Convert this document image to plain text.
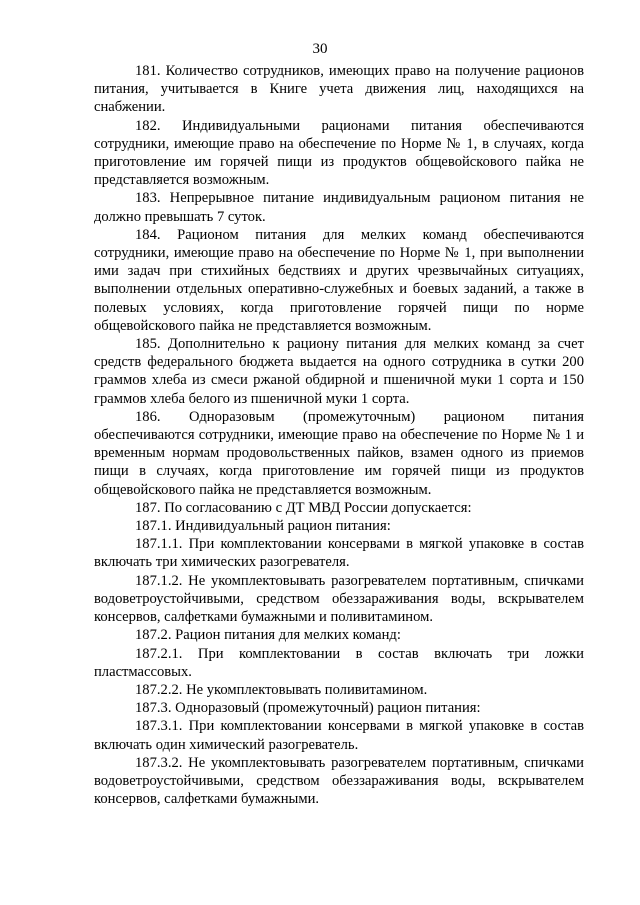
30

181. Количество сотрудников, имеющих право на получение рационов питания, учитывается в Книге учета движения лиц, находящихся на снабжении.

182. Индивидуальными рационами питания обеспечиваются сотрудники, имеющие право на обеспечение по Норме № 1, в случаях, когда приготовление им горячей пищи из продуктов общевойскового пайка не представляется возможным.

183. Непрерывное питание индивидуальным рационом питания не должно превышать 7 суток.

184. Рационом питания для мелких команд обеспечиваются сотрудники, имеющие право на обеспечение по Норме № 1, при выполнении ими задач при стихийных бедствиях и других чрезвычайных ситуациях, выполнении отдельных оперативно-служебных и боевых заданий, а также в полевых условиях, когда приготовление горячей пищи по норме общевойскового пайка не представляется возможным.

185. Дополнительно к рациону питания для мелких команд за счет средств федерального бюджета выдается на одного сотрудника в сутки 200 граммов хлеба из смеси ржаной обдирной и пшеничной муки 1 сорта и 150 граммов хлеба белого из пшеничной муки 1 сорта.

186. Одноразовым (промежуточным) рационом питания обеспечиваются сотрудники, имеющие право на обеспечение по Норме № 1 и временным нормам продовольственных пайков, взамен одного из приемов пищи в случаях, когда приготовление им горячей пищи из продуктов общевойскового пайка не представляется возможным.

187. По согласованию с ДТ МВД России допускается:

187.1. Индивидуальный рацион питания:

187.1.1. При комплектовании консервами в мягкой упаковке в состав включать три химических разогревателя.

187.1.2. Не укомплектовывать разогревателем портативным, спичками водоветроустойчивыми, средством обеззараживания воды, вскрывателем консервов, салфетками бумажными и поливитамином.

187.2. Рацион питания для мелких команд:

187.2.1. При комплектовании в состав включать три ложки пластмассовых.

187.2.2. Не укомплектовывать поливитамином.

187.3. Одноразовый (промежуточный) рацион питания:

187.3.1. При комплектовании консервами в мягкой упаковке в состав включать один химический разогреватель.

187.3.2. Не укомплектовывать разогревателем портативным, спичками водоветроустойчивыми, средством обеззараживания воды, вскрывателем консервов, салфетками бумажными.
